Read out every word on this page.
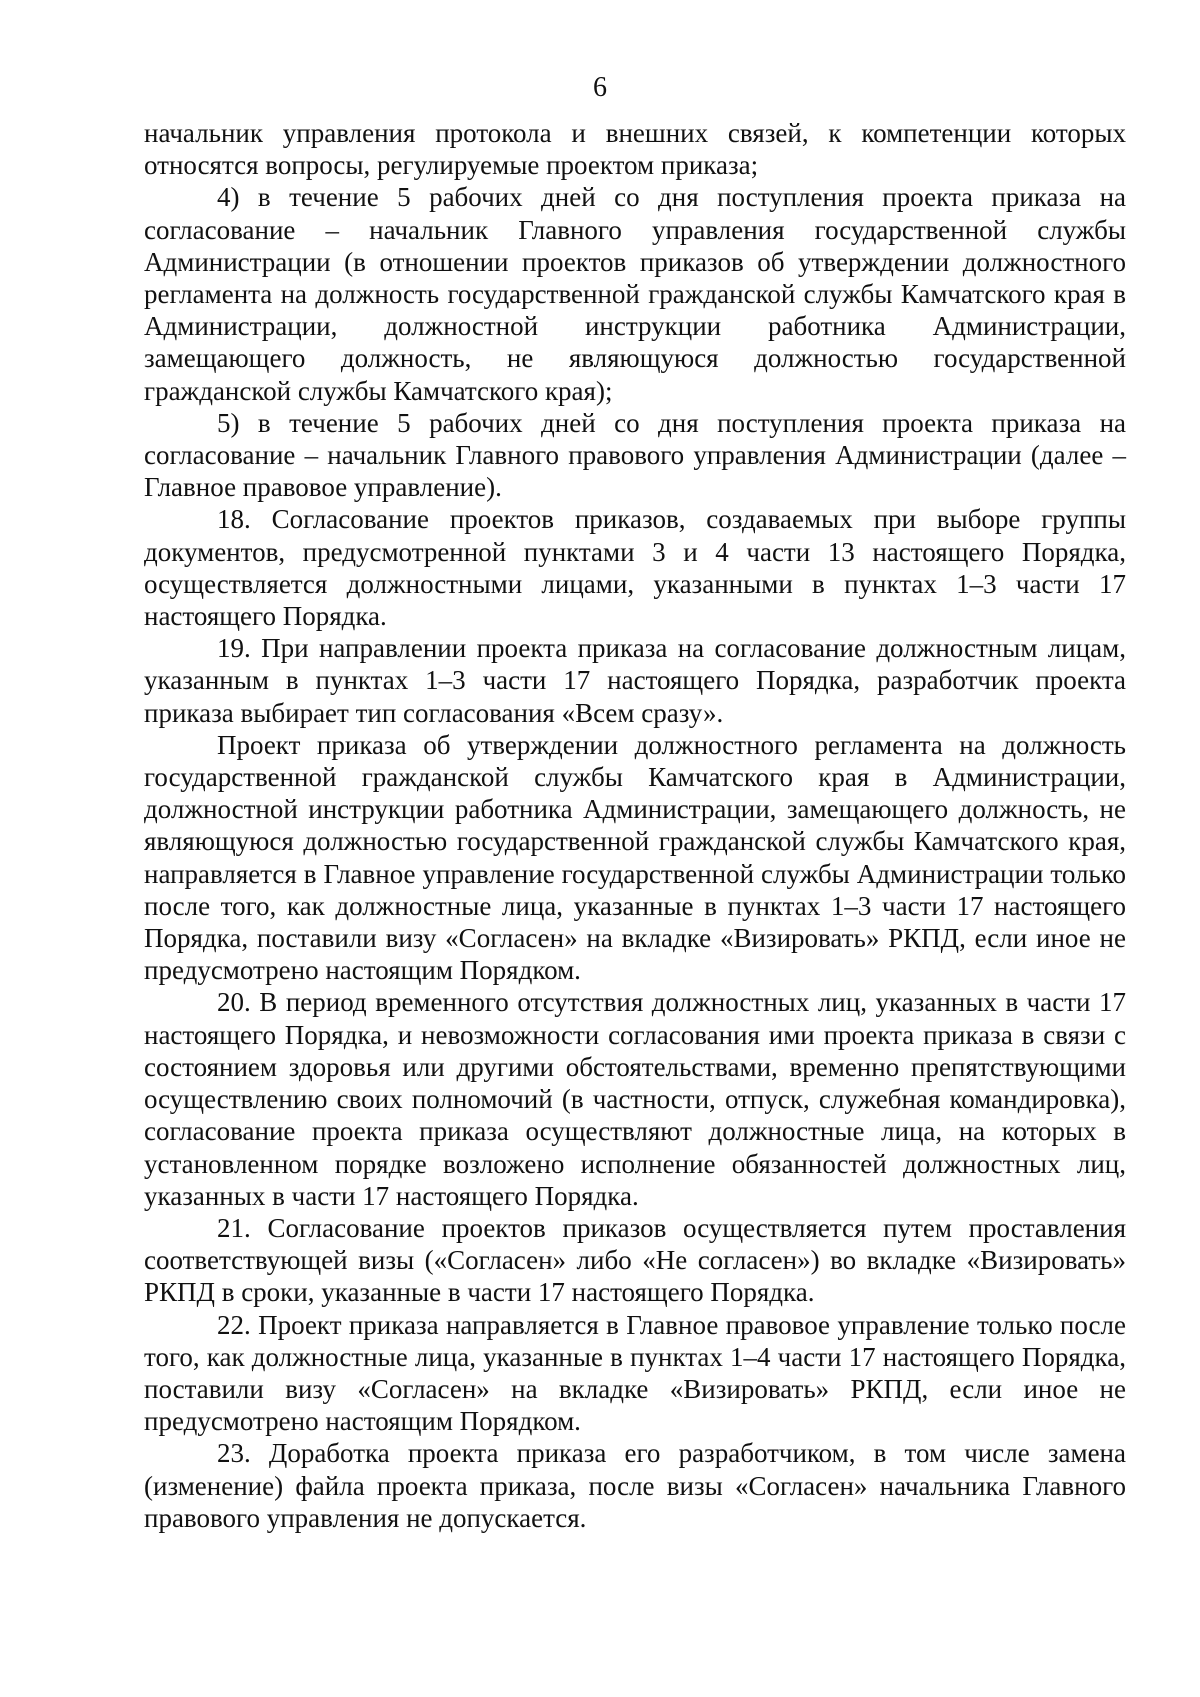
6

начальник управления протокола и внешних связей, к компетенции которых относятся вопросы, регулируемые проектом приказа;

4) в течение 5 рабочих дней со дня поступления проекта приказа на согласование – начальник Главного управления государственной службы Администрации (в отношении проектов приказов об утверждении должностного регламента на должность государственной гражданской службы Камчатского края в Администрации, должностной инструкции работника Администрации, замещающего должность, не являющуюся должностью государственной гражданской службы Камчатского края);

5) в течение 5 рабочих дней со дня поступления проекта приказа на согласование – начальник Главного правового управления Администрации (далее – Главное правовое управление).

18. Согласование проектов приказов, создаваемых при выборе группы документов, предусмотренной пунктами 3 и 4 части 13 настоящего Порядка, осуществляется должностными лицами, указанными в пунктах 1–3 части 17 настоящего Порядка.

19. При направлении проекта приказа на согласование должностным лицам, указанным в пунктах 1–3 части 17 настоящего Порядка, разработчик проекта приказа выбирает тип согласования «Всем сразу».

Проект приказа об утверждении должностного регламента на должность государственной гражданской службы Камчатского края в Администрации, должностной инструкции работника Администрации, замещающего должность, не являющуюся должностью государственной гражданской службы Камчатского края, направляется в Главное управление государственной службы Администрации только после того, как должностные лица, указанные в пунктах 1–3 части 17 настоящего Порядка, поставили визу «Согласен» на вкладке «Визировать» РКПД, если иное не предусмотрено настоящим Порядком.

20. В период временного отсутствия должностных лиц, указанных в части 17 настоящего Порядка, и невозможности согласования ими проекта приказа в связи с состоянием здоровья или другими обстоятельствами, временно препятствующими осуществлению своих полномочий (в частности, отпуск, служебная командировка), согласование проекта приказа осуществляют должностные лица, на которых в установленном порядке возложено исполнение обязанностей должностных лиц, указанных в части 17 настоящего Порядка.

21. Согласование проектов приказов осуществляется путем проставления соответствующей визы («Согласен» либо «Не согласен») во вкладке «Визировать» РКПД в сроки, указанные в части 17 настоящего Порядка.

22. Проект приказа направляется в Главное правовое управление только после того, как должностные лица, указанные в пунктах 1–4 части 17 настоящего Порядка, поставили визу «Согласен» на вкладке «Визировать» РКПД, если иное не предусмотрено настоящим Порядком.

23. Доработка проекта приказа его разработчиком, в том числе замена (изменение) файла проекта приказа, после визы «Согласен» начальника Главного правового управления не допускается.
